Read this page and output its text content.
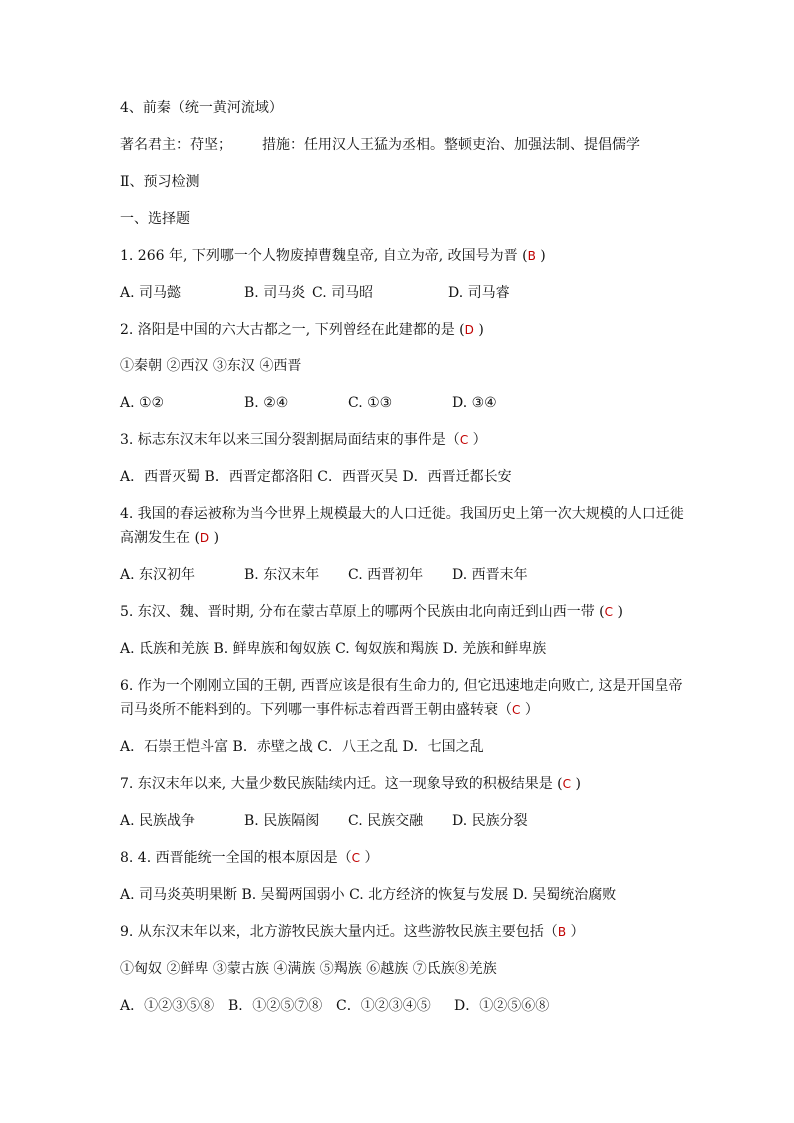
4、前秦（统一黄河流域）
著名君主：苻坚； 措施：任用汉人王猛为丞相。整顿吏治、加强法制、提倡儒学
Ⅱ、预习检测
一、选择题
1. 266 年, 下列哪一个人物废掉曹魏皇帝, 自立为帝, 改国号为晋 (B )
A. 司马懿	B. 司马炎 C. 司马昭	D. 司马睿
2. 洛阳是中国的六大古都之一, 下列曾经在此建都的是 (D )
①秦朝 ②西汉 ③东汉 ④西晋
A. ①②	B. ②④	C. ①③	D. ③④
3. 标志东汉末年以来三国分裂割据局面结束的事件是（C ）
A．西晋灭蜀 B．西晋定都洛阳 C．西晋灭吴 D．西晋迁都长安
4. 我国的春运被称为当今世界上规模最大的人口迁徙。我国历史上第一次大规模的人口迁徙高潮发生在 (D )
A. 东汉初年	B. 东汉末年 C. 西晋初年 D. 西晋末年
5. 东汉、魏、晋时期, 分布在蒙古草原上的哪两个民族由北向南迁到山西一带 (C )
A. 氐族和羌族 B. 鲜卑族和匈奴族 C. 匈奴族和羯族 D. 羌族和鲜卑族
6. 作为一个刚刚立国的王朝, 西晋应该是很有生命力的, 但它迅速地走向败亡, 这是开国皇帝司马炎所不能料到的。下列哪一事件标志着西晋王朝由盛转衰（C ）
A．石崇王恺斗富 B．赤壁之战 C．八王之乱 D．七国之乱
7. 东汉末年以来, 大量少数民族陆续内迁。这一现象导致的积极结果是 (C )
A. 民族战争	B. 民族隔阂 C. 民族交融 D. 民族分裂
8. 4. 西晋能统一全国的根本原因是（C ）
A. 司马炎英明果断 B. 吴蜀两国弱小 C. 北方经济的恢复与发展 D. 吴蜀统治腐败
9. 从东汉末年以来，北方游牧民族大量内迁。这些游牧民族主要包括（B ）
①匈奴 ②鲜卑 ③蒙古族 ④满族 ⑤羯族 ⑥越族 ⑦氐族⑧羌族
A．①②③⑤⑧ B．①②⑤⑦⑧ C．①②③④⑤ D．①②⑤⑥⑧
